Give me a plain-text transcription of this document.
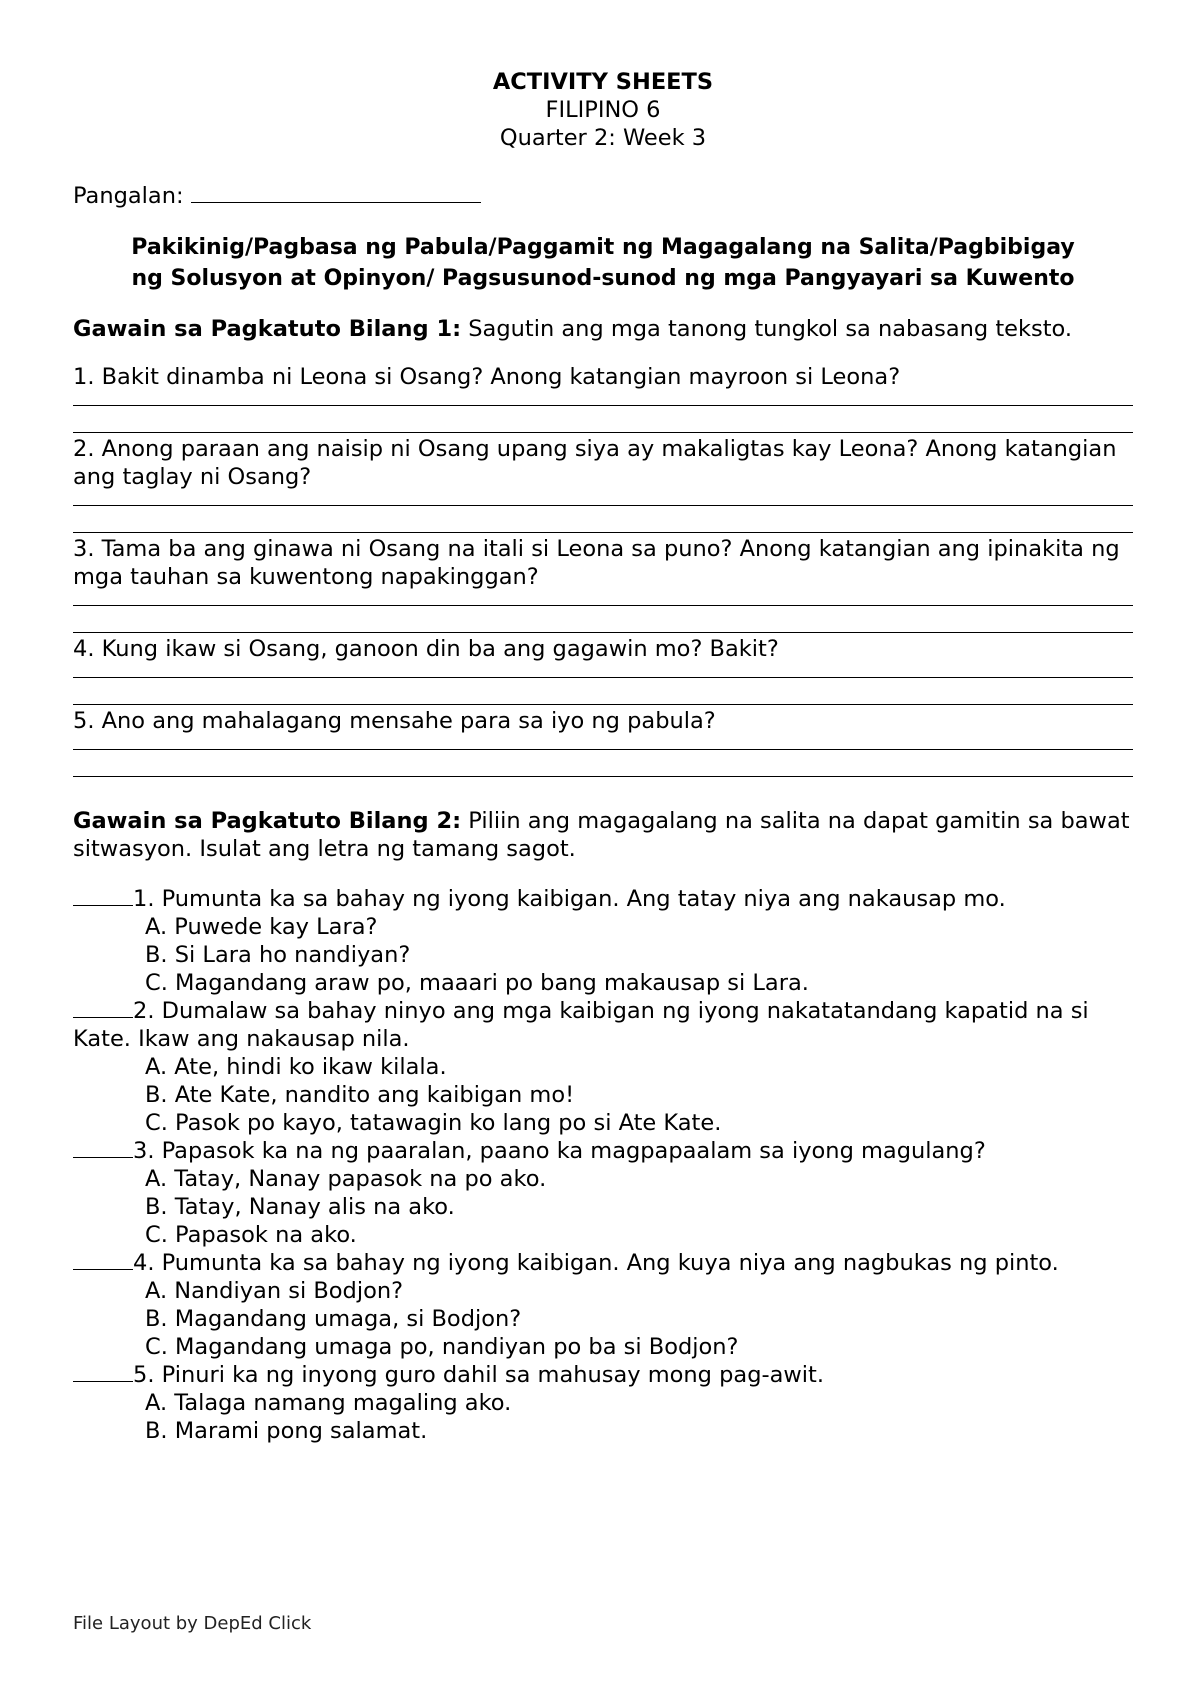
ACTIVITY SHEETS
FILIPINO 6
Quarter 2: Week 3
Pangalan:
Pakikinig/Pagbasa ng Pabula/Paggamit ng Magagalang na Salita/Pagbibigay
ng Solusyon at Opinyon/ Pagsusunod-sunod ng mga Pangyayari sa Kuwento
Gawain sa Pagkatuto Bilang 1: Sagutin ang mga tanong tungkol sa nabasang teksto.
1. Bakit dinamba ni Leona si Osang? Anong katangian mayroon si Leona?
2. Anong paraan ang naisip ni Osang upang siya ay makaligtas kay Leona? Anong katangian ang taglay ni Osang?
3. Tama ba ang ginawa ni Osang na itali si Leona sa puno? Anong katangian ang ipinakita ng mga tauhan sa kuwentong napakinggan?
4. Kung ikaw si Osang, ganoon din ba ang gagawin mo? Bakit?
5. Ano ang mahalagang mensahe para sa iyo ng pabula?
Gawain sa Pagkatuto Bilang 2: Piliin ang magagalang na salita na dapat gamitin sa bawat sitwasyon. Isulat ang letra ng tamang sagot.
1. Pumunta ka sa bahay ng iyong kaibigan. Ang tatay niya ang nakausap mo.
A. Puwede kay Lara?
B. Si Lara ho nandiyan?
C. Magandang araw po, maaari po bang makausap si Lara.
2. Dumalaw sa bahay ninyo ang mga kaibigan ng iyong nakatatandang kapatid na si Kate. Ikaw ang nakausap nila.
A. Ate, hindi ko ikaw kilala.
B. Ate Kate, nandito ang kaibigan mo!
C. Pasok po kayo, tatawagin ko lang po si Ate Kate.
3. Papasok ka na ng paaralan, paano ka magpapaalam sa iyong magulang?
A. Tatay, Nanay papasok na po ako.
B. Tatay, Nanay alis na ako.
C. Papasok na ako.
4. Pumunta ka sa bahay ng iyong kaibigan. Ang kuya niya ang nagbukas ng pinto.
A. Nandiyan si Bodjon?
B. Magandang umaga, si Bodjon?
C. Magandang umaga po, nandiyan po ba si Bodjon?
5. Pinuri ka ng inyong guro dahil sa mahusay mong pag-awit.
A. Talaga namang magaling ako.
B. Marami pong salamat.
File Layout by DepEd Click
